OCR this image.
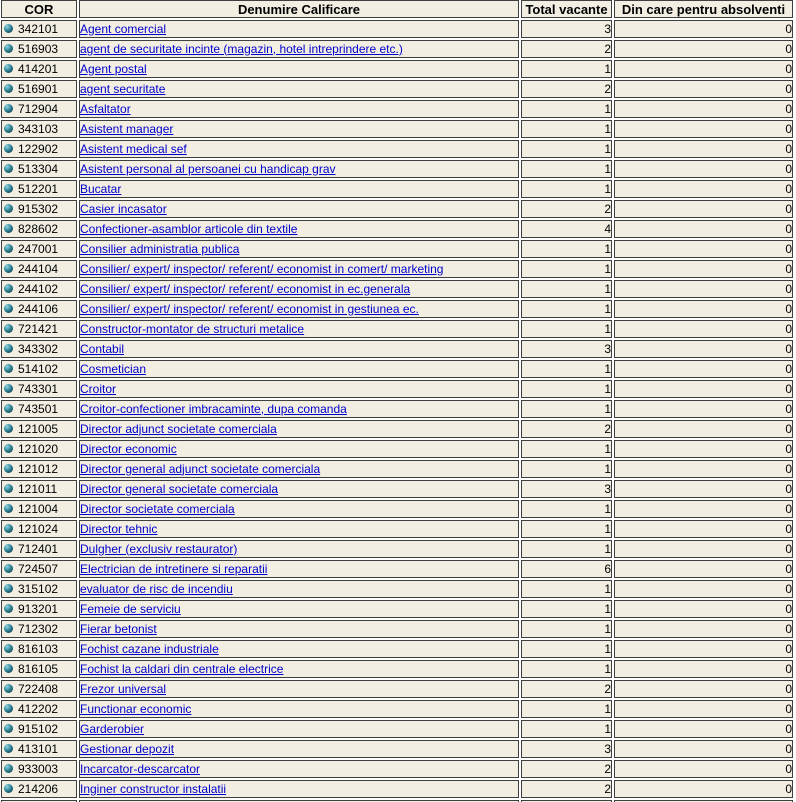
COR	Denumire Calificare	Total vacante	Din care pentru absolventi
342101	Agent comercial	3	0
516903	agent de securitate incinte (magazin, hotel intreprindere etc.)	2	0
414201	Agent postal	1	0
516901	agent securitate	2	0
712904	Asfaltator	1	0
343103	Asistent manager	1	0
122902	Asistent medical sef	1	0
513304	Asistent personal al persoanei cu handicap grav	1	0
512201	Bucatar	1	0
915302	Casier incasator	2	0
828602	Confectioner-asamblor articole din textile	4	0
247001	Consilier administratia publica	1	0
244104	Consilier/ expert/ inspector/ referent/ economist in comert/ marketing	1	0
244102	Consilier/ expert/ inspector/ referent/ economist in ec.generala	1	0
244106	Consilier/ expert/ inspector/ referent/ economist in gestiunea ec.	1	0
721421	Constructor-montator de structuri metalice	1	0
343302	Contabil	3	0
514102	Cosmetician	1	0
743301	Croitor	1	0
743501	Croitor-confectioner imbracaminte, dupa comanda	1	0
121005	Director adjunct societate comerciala	2	0
121020	Director economic	1	0
121012	Director general adjunct societate comerciala	1	0
121011	Director general societate comerciala	3	0
121004	Director societate comerciala	1	0
121024	Director tehnic	1	0
712401	Dulgher (exclusiv restaurator)	1	0
724507	Electrician de intretinere si reparatii	6	0
315102	evaluator de risc de incendiu	1	0
913201	Femeie de serviciu	1	0
712302	Fierar betonist	1	0
816103	Fochist cazane industriale	1	0
816105	Fochist la caldari din centrale electrice	1	0
722408	Frezor universal	2	0
412202	Functionar economic	1	0
915102	Garderobier	1	0
413101	Gestionar depozit	3	0
933003	Incarcator-descarcator	2	0
214206	Inginer constructor instalatii	2	0
